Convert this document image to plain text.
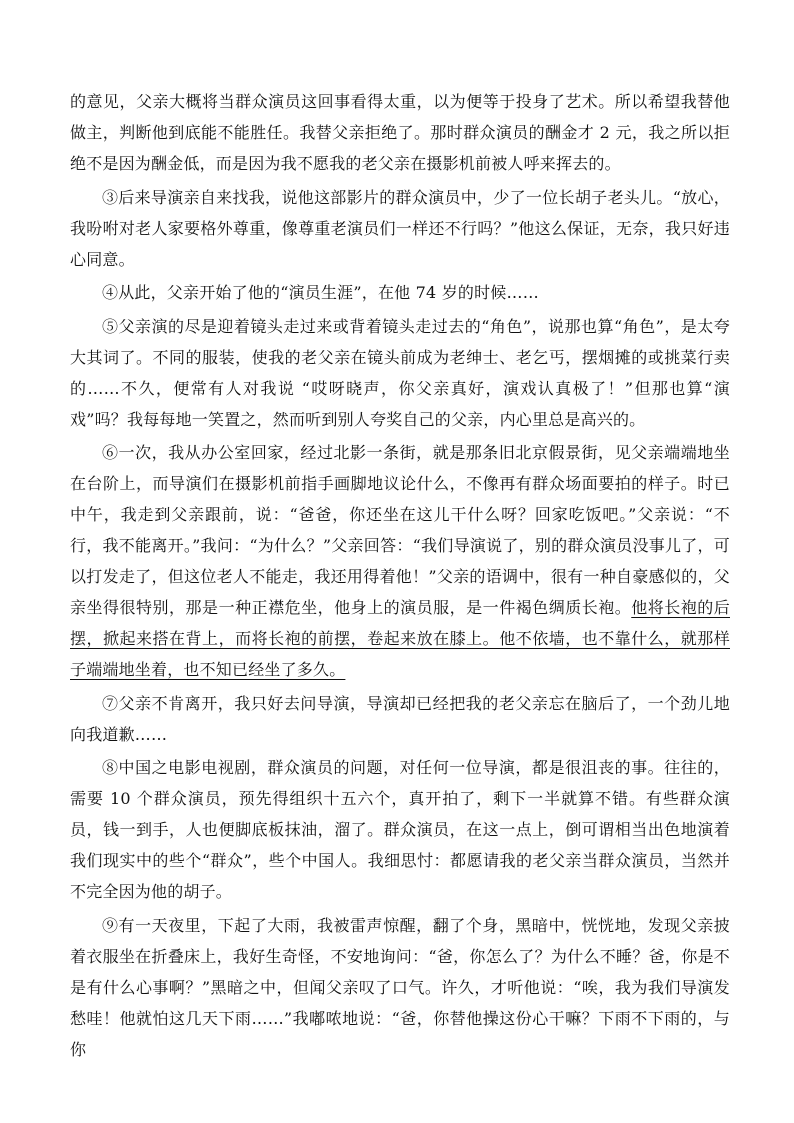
的意见，父亲大概将当群众演员这回事看得太重，以为便等于投身了艺术。所以希望我替他做主，判断他到底能不能胜任。我替父亲拒绝了。那时群众演员的酬金才 2 元，我之所以拒绝不是因为酬金低，而是因为我不愿我的老父亲在摄影机前被人呼来挥去的。

③后来导演亲自来找我，说他这部影片的群众演员中，少了一位长胡子老头儿。“放心，我吩咐对老人家要格外尊重，像尊重老演员们一样还不行吗？”他这么保证，无奈，我只好违心同意。

④从此，父亲开始了他的“演员生涯”，在他 74 岁的时候……

⑤父亲演的尽是迎着镜头走过来或背着镜头走过去的“角色”，说那也算“角色”，是太夸大其词了。不同的服装，使我的老父亲在镜头前成为老绅士、老乞丐，摆烟摊的或挑菜行卖的……不久，便常有人对我说 “哎呀晓声，你父亲真好，演戏认真极了！”但那也算“演戏”吗？我每每地一笑置之，然而听到别人夸奖自己的父亲，内心里总是高兴的。

⑥一次，我从办公室回家，经过北影一条街，就是那条旧北京假景街，见父亲端端地坐在台阶上，而导演们在摄影机前指手画脚地议论什么，不像再有群众场面要拍的样子。时已中午，我走到父亲跟前，说：“爸爸，你还坐在这儿干什么呀？回家吃饭吧。”父亲说：“不行，我不能离开。”我问：“为什么？”父亲回答：“我们导演说了，别的群众演员没事儿了，可以打发走了，但这位老人不能走，我还用得着他！”父亲的语调中，很有一种自豪感似的，父亲坐得很特别，那是一种正襟危坐，他身上的演员服，是一件褐色绸质长袍。他将长袍的后摆，掀起来搭在背上，而将长袍的前摆，卷起来放在膝上。他不依墙，也不靠什么，就那样子端端地坐着，也不知已经坐了多久。

⑦父亲不肯离开，我只好去问导演，导演却已经把我的老父亲忘在脑后了，一个劲儿地向我道歉……

⑧中国之电影电视剧，群众演员的问题，对任何一位导演，都是很沮丧的事。往往的，需要 10 个群众演员，预先得组织十五六个，真开拍了，剩下一半就算不错。有些群众演员，钱一到手，人也便脚底板抹油，溜了。群众演员，在这一点上，倒可谓相当出色地演着我们现实中的些个“群众”，些个中国人。我细思忖：都愿请我的老父亲当群众演员，当然并不完全因为他的胡子。

⑨有一天夜里，下起了大雨，我被雷声惊醒，翻了个身，黑暗中，恍恍地，发现父亲披着衣服坐在折叠床上，我好生奇怪，不安地询问：“爸，你怎么了？为什么不睡？爸，你是不是有什么心事啊？”黑暗之中，但闻父亲叹了口气。许久，才听他说：“唉，我为我们导演发愁哇！他就怕这几天下雨……”我嘟哝地说：“爸，你替他操这份心干嘛？下雨不下雨的，与你
